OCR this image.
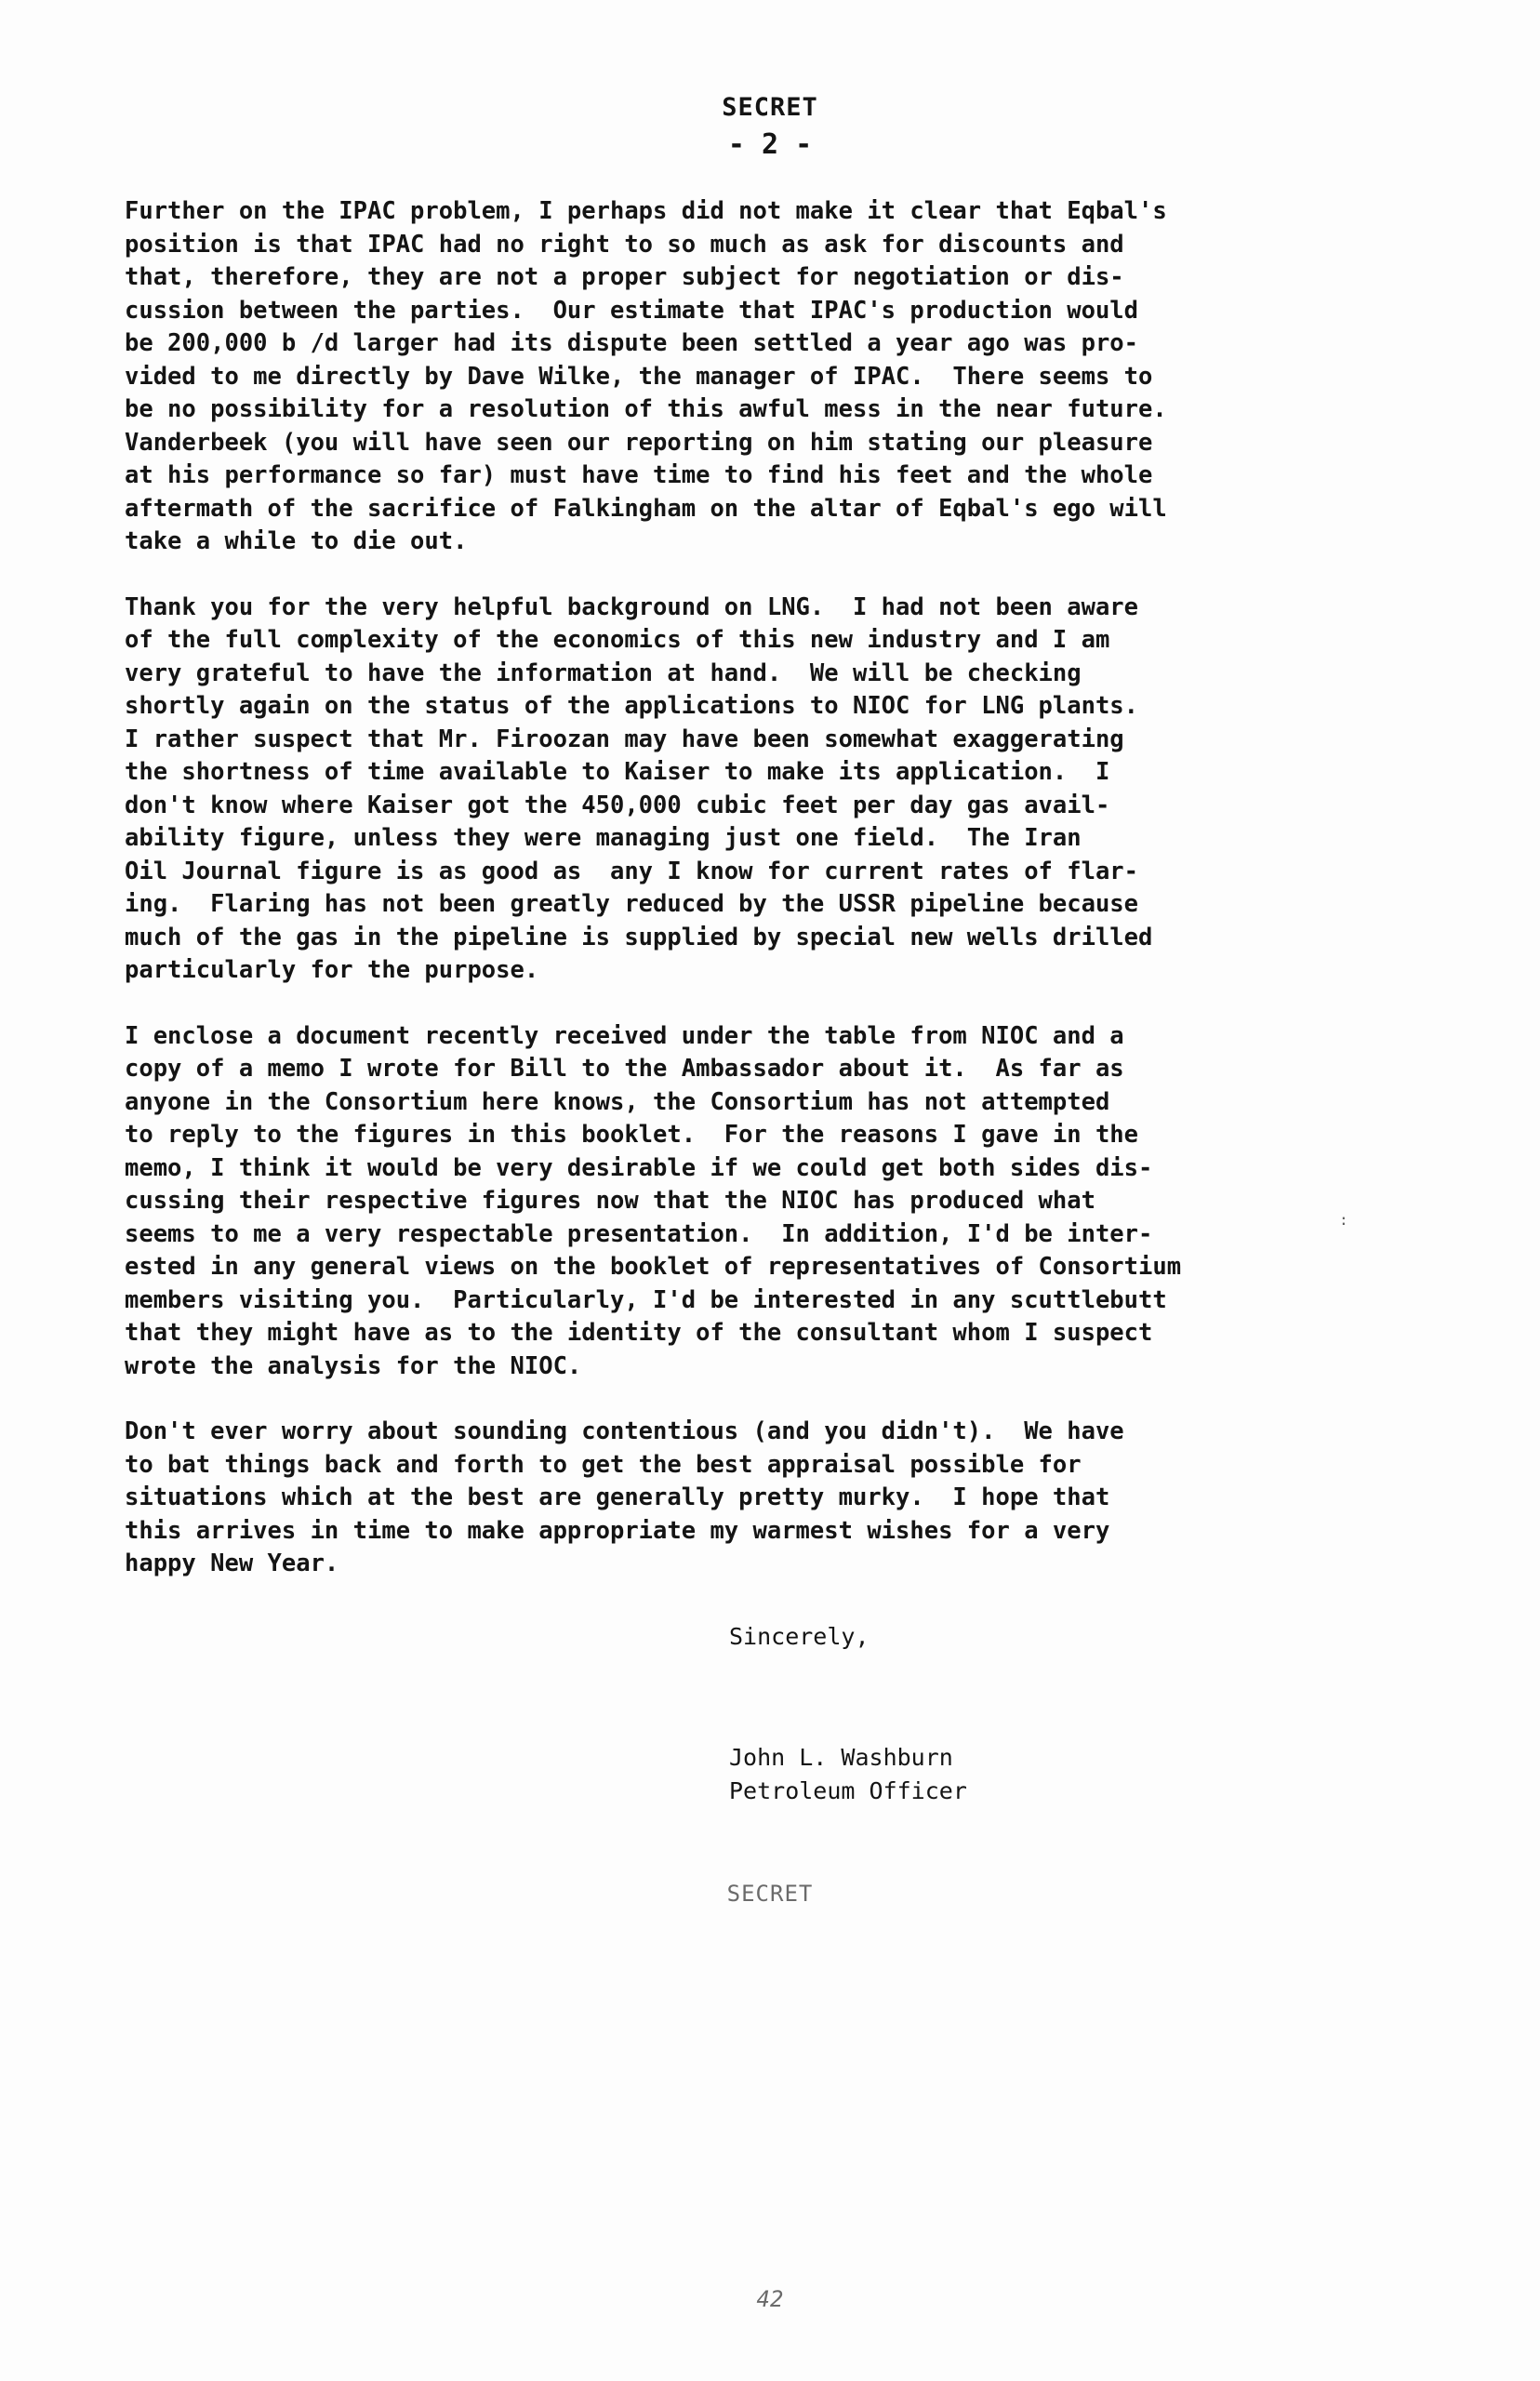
SECRET
- 2 -
Further on the IPAC problem, I perhaps did not make it clear that Eqbal's
position is that IPAC had no right to so much as ask for discounts and
that, therefore, they are not a proper subject for negotiation or dis-
cussion between the parties.  Our estimate that IPAC's production would
be 200,000 b /d larger had its dispute been settled a year ago was pro-
vided to me directly by Dave Wilke, the manager of IPAC.  There seems to
be no possibility for a resolution of this awful mess in the near future.
Vanderbeek (you will have seen our reporting on him stating our pleasure
at his performance so far) must have time to find his feet and the whole
aftermath of the sacrifice of Falkingham on the altar of Eqbal's ego will
take a while to die out.
Thank you for the very helpful background on LNG.  I had not been aware
of the full complexity of the economics of this new industry and I am
very grateful to have the information at hand.  We will be checking
shortly again on the status of the applications to NIOC for LNG plants.
I rather suspect that Mr. Firoozan may have been somewhat exaggerating
the shortness of time available to Kaiser to make its application.  I
don't know where Kaiser got the 450,000 cubic feet per day gas avail-
ability figure, unless they were managing just one field.  The Iran
Oil Journal figure is as good as  any I know for current rates of flar-
ing.  Flaring has not been greatly reduced by the USSR pipeline because
much of the gas in the pipeline is supplied by special new wells drilled
particularly for the purpose.
I enclose a document recently received under the table from NIOC and a
copy of a memo I wrote for Bill to the Ambassador about it.  As far as
anyone in the Consortium here knows, the Consortium has not attempted
to reply to the figures in this booklet.  For the reasons I gave in the
memo, I think it would be very desirable if we could get both sides dis-
cussing their respective figures now that the NIOC has produced what
seems to me a very respectable presentation.  In addition, I'd be inter-
ested in any general views on the booklet of representatives of Consortium
members visiting you.  Particularly, I'd be interested in any scuttlebutt
that they might have as to the identity of the consultant whom I suspect
wrote the analysis for the NIOC.
Don't ever worry about sounding contentious (and you didn't).  We have
to bat things back and forth to get the best appraisal possible for
situations which at the best are generally pretty murky.  I hope that
this arrives in time to make appropriate my warmest wishes for a very
happy New Year.
Sincerely,
John L. Washburn
Petroleum Officer
:
SECRET
42
